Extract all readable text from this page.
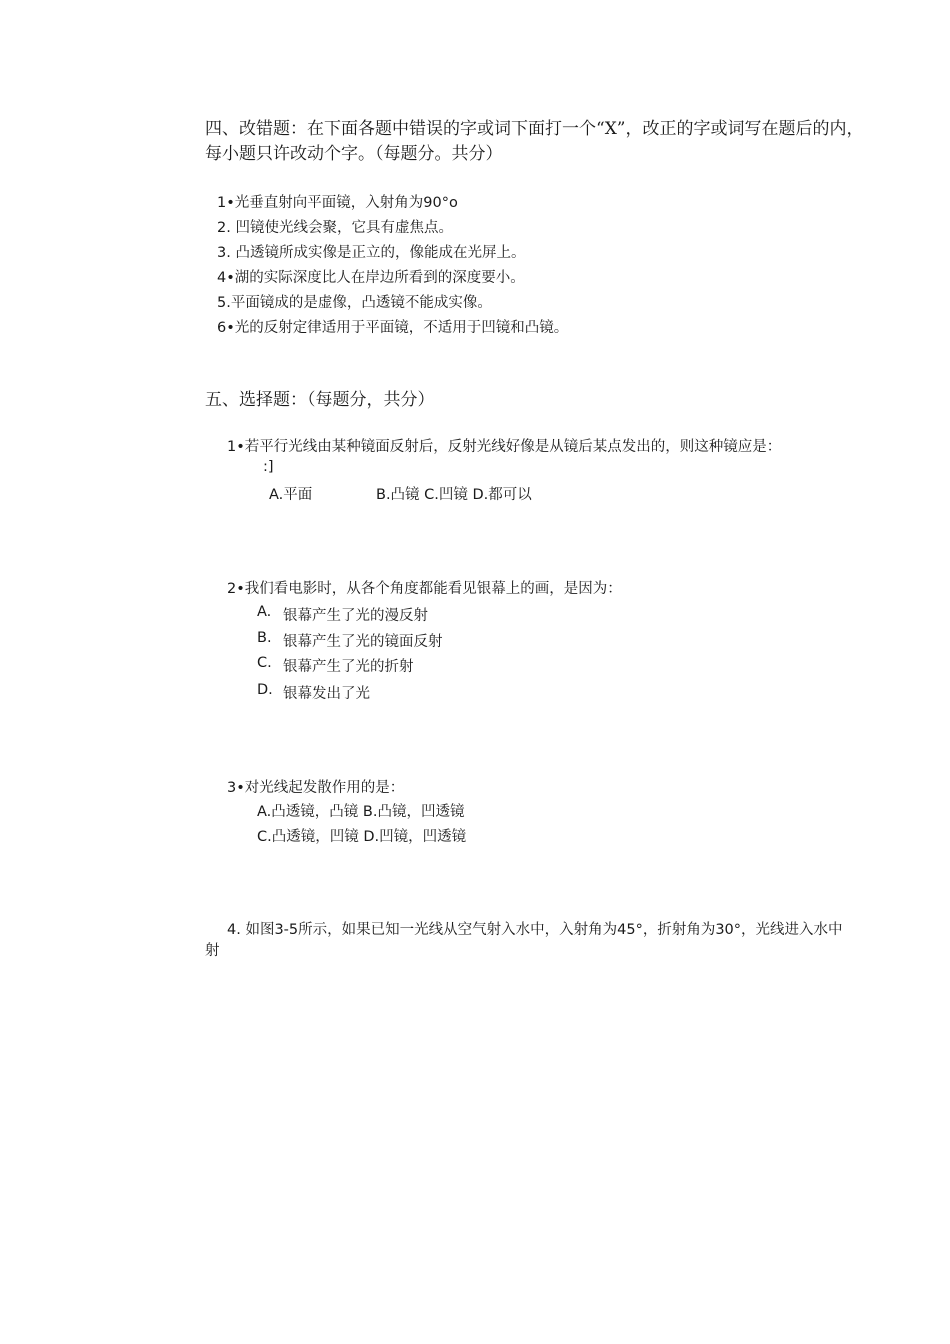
四、改错题：在下面各题中错误的字或词下面打一个“X”，改正的字或词写在题后的内，
每小题只许改动个字。（每题分。共分）
1•光垂直射向平面镜，入射角为90°o
2. 凹镜使光线会聚，它具有虚焦点。
3. 凸透镜所成实像是正立的，像能成在光屏上。
4•湖的实际深度比人在岸边所看到的深度要小。
5.平面镜成的是虚像，凸透镜不能成实像。
6•光的反射定律适用于平面镜，不适用于凹镜和凸镜。
五、选择题：（每题分，共分）
1•若平行光线由某种镜面反射后，反射光线好像是从镜后某点发出的，则这种镜应是：
:]
A.平面	B.凸镜 C.凹镜 D.都可以
2•我们看电影时，从各个角度都能看见银幕上的画，是因为：
A. 银幕产生了光的漫反射
B. 银幕产生了光的镜面反射
C. 银幕产生了光的折射
D. 银幕发出了光
3•对光线起发散作用的是：
A.凸透镜，凸镜 B.凸镜，凹透镜
C.凸透镜，凹镜 D.凹镜，凹透镜
4. 如图3-5所示，如果已知一光线从空气射入水中，入射角为45°，折射角为30°，光线进入水中
射
